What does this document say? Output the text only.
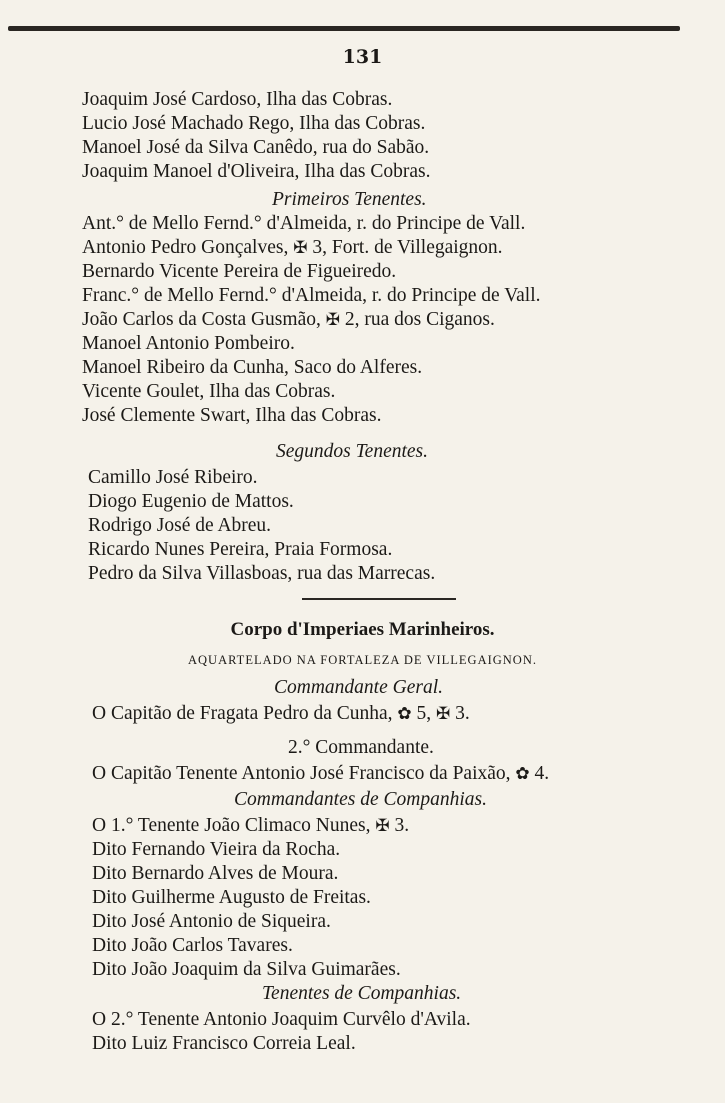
131
Joaquim José Cardoso, Ilha das Cobras.
Lucio José Machado Rego, Ilha das Cobras.
Manoel José da Silva Canêdo, rua do Sabão.
Joaquim Manoel d'Oliveira, Ilha das Cobras.
Primeiros Tenentes.
Ant.° de Mello Fernd.° d'Almeida, r. do Principe de Vall.
Antonio Pedro Gonçalves, ✠ 3, Fort. de Villegaignon.
Bernardo Vicente Pereira de Figueiredo.
Franc.° de Mello Fernd.° d'Almeida, r. do Principe de Vall.
João Carlos da Costa Gusmão, ✠ 2, rua dos Ciganos.
Manoel Antonio Pombeiro.
Manoel Ribeiro da Cunha, Saco do Alferes.
Vicente Goulet, Ilha das Cobras.
José Clemente Swart, Ilha das Cobras.
Segundos Tenentes.
Camillo José Ribeiro.
Diogo Eugenio de Mattos.
Rodrigo José de Abreu.
Ricardo Nunes Pereira, Praia Formosa.
Pedro da Silva Villasboas, rua das Marrecas.
Corpo d'Imperiaes Marinheiros.
AQUARTELADO NA FORTALEZA DE VILLEGAIGNON.
Commandante Geral.
O Capitão de Fragata Pedro da Cunha, ✿ 5, ✠ 3.
2.° Commandante.
O Capitão Tenente Antonio José Francisco da Paixão, ✿ 4.
Commandantes de Companhias.
O 1.° Tenente João Climaco Nunes, ✠ 3.
Dito Fernando Vieira da Rocha.
Dito Bernardo Alves de Moura.
Dito Guilherme Augusto de Freitas.
Dito José Antonio de Siqueira.
Dito João Carlos Tavares.
Dito João Joaquim da Silva Guimarães.
Tenentes de Companhias.
O 2.° Tenente Antonio Joaquim Curvêlo d'Avila.
Dito Luiz Francisco Correia Leal.
